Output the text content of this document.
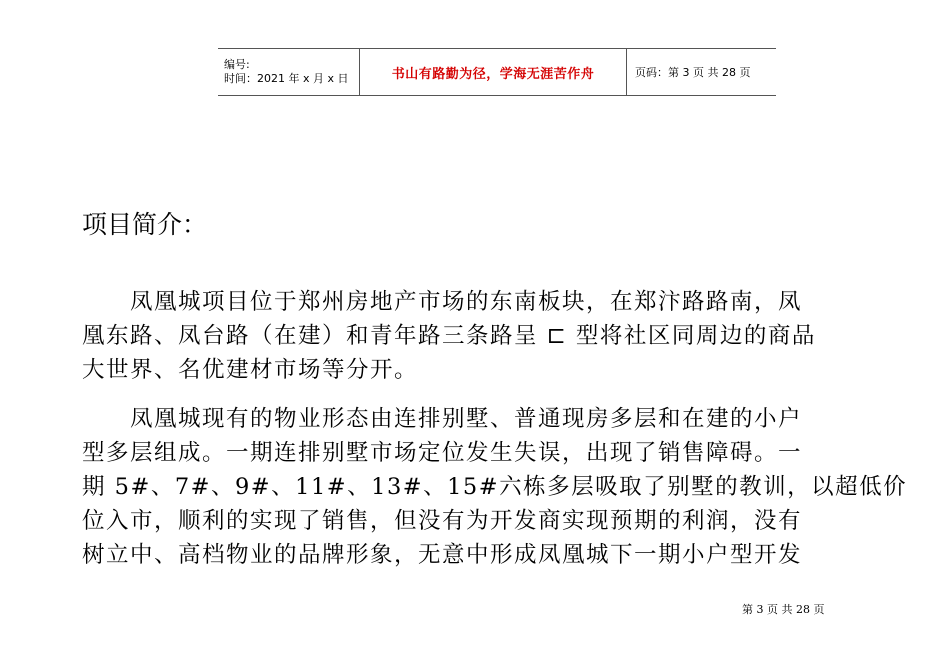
编号:
时间：2021 年 x 月 x 日	书山有路勤为径，学海无涯苦作舟	页码：第 3 页 共 28 页
项目简介：

　　凤凰城项目位于郑州房地产市场的东南板块，在郑汴路路南，凤
凰东路、凤台路（在建）和青年路三条路呈 ⊏ 型将社区同周边的商品
大世界、名优建材市场等分开。

　　凤凰城现有的物业形态由连排别墅、普通现房多层和在建的小户
型多层组成。一期连排别墅市场定位发生失误，出现了销售障碍。一
期 5#、7#、9#、11#、13#、15#六栋多层吸取了别墅的教训，以超低价
位入市，顺利的实现了销售，但没有为开发商实现预期的利润，没有
树立中、高档物业的品牌形象，无意中形成凤凰城下一期小户型开发

第 3 页 共 28 页
